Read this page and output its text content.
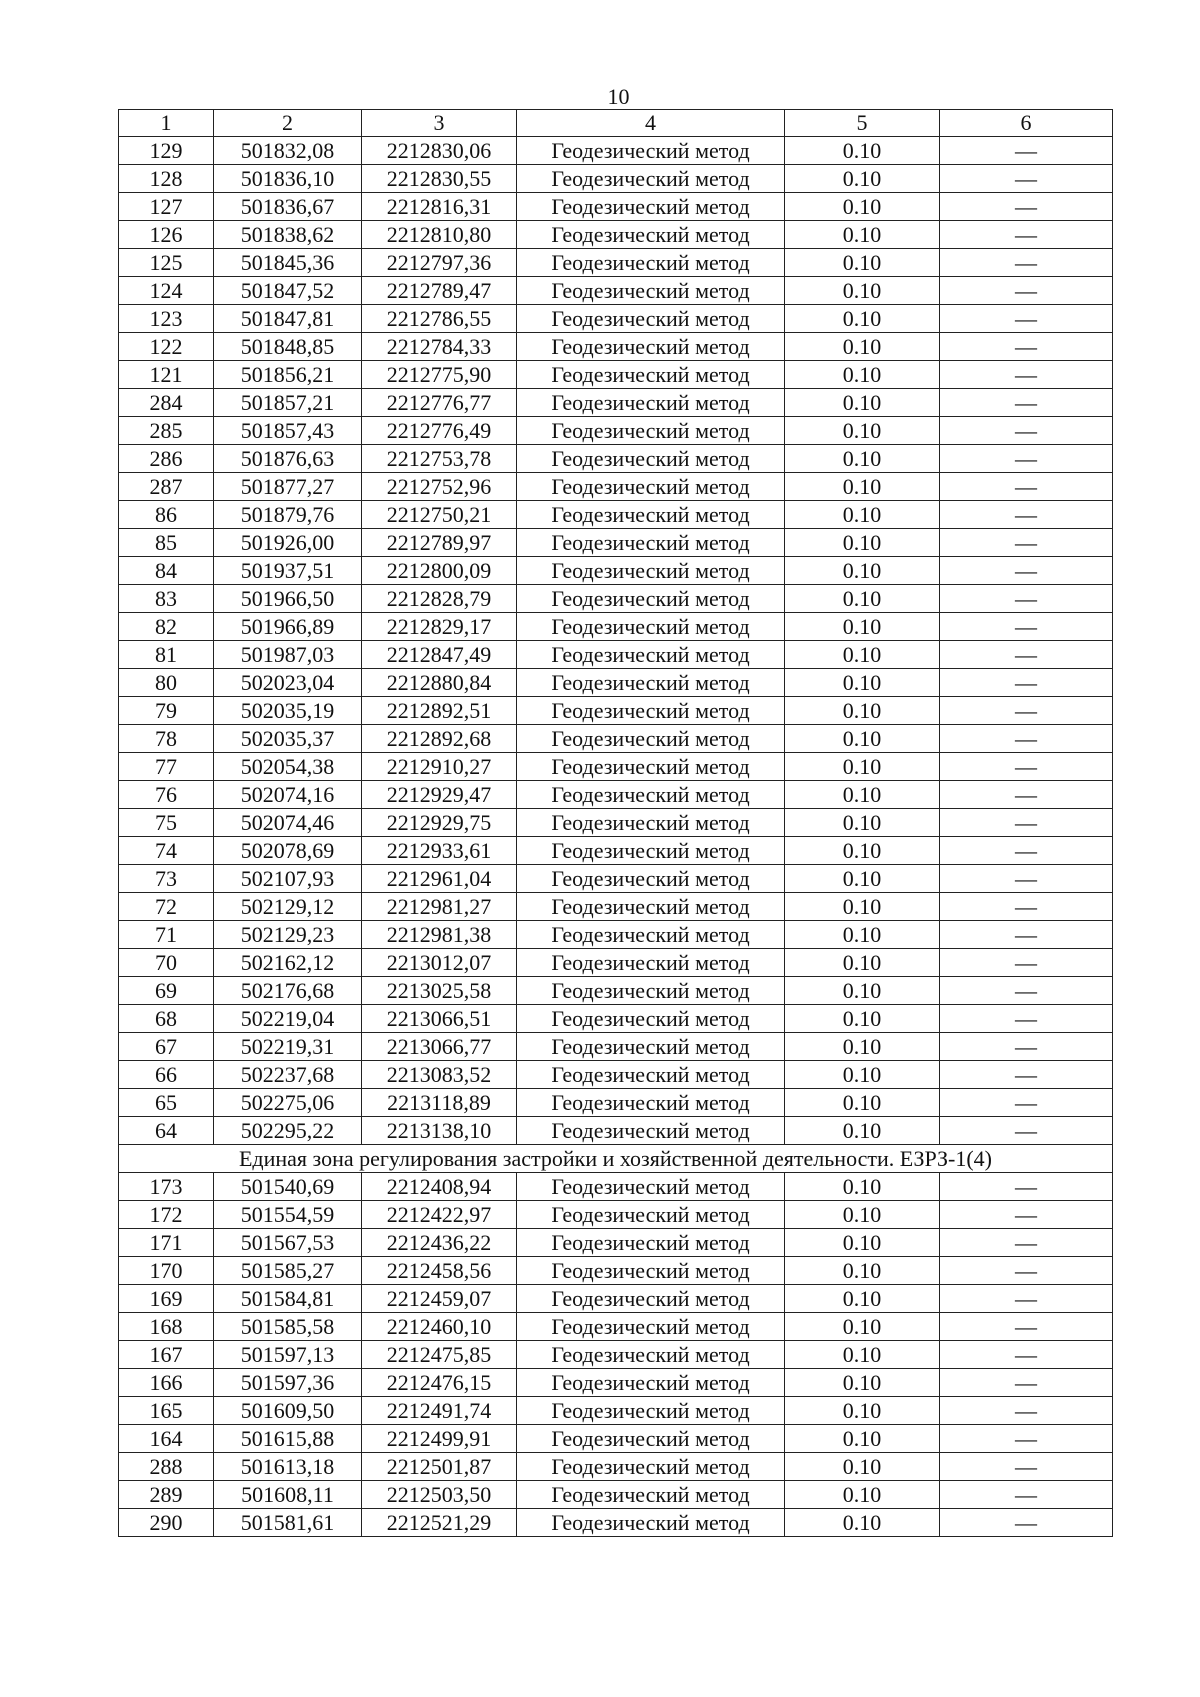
10
1	2	3	4	5	6
129	501832,08	2212830,06	Геодезический метод	0.10	—
128	501836,10	2212830,55	Геодезический метод	0.10	—
127	501836,67	2212816,31	Геодезический метод	0.10	—
126	501838,62	2212810,80	Геодезический метод	0.10	—
125	501845,36	2212797,36	Геодезический метод	0.10	—
124	501847,52	2212789,47	Геодезический метод	0.10	—
123	501847,81	2212786,55	Геодезический метод	0.10	—
122	501848,85	2212784,33	Геодезический метод	0.10	—
121	501856,21	2212775,90	Геодезический метод	0.10	—
284	501857,21	2212776,77	Геодезический метод	0.10	—
285	501857,43	2212776,49	Геодезический метод	0.10	—
286	501876,63	2212753,78	Геодезический метод	0.10	—
287	501877,27	2212752,96	Геодезический метод	0.10	—
86	501879,76	2212750,21	Геодезический метод	0.10	—
85	501926,00	2212789,97	Геодезический метод	0.10	—
84	501937,51	2212800,09	Геодезический метод	0.10	—
83	501966,50	2212828,79	Геодезический метод	0.10	—
82	501966,89	2212829,17	Геодезический метод	0.10	—
81	501987,03	2212847,49	Геодезический метод	0.10	—
80	502023,04	2212880,84	Геодезический метод	0.10	—
79	502035,19	2212892,51	Геодезический метод	0.10	—
78	502035,37	2212892,68	Геодезический метод	0.10	—
77	502054,38	2212910,27	Геодезический метод	0.10	—
76	502074,16	2212929,47	Геодезический метод	0.10	—
75	502074,46	2212929,75	Геодезический метод	0.10	—
74	502078,69	2212933,61	Геодезический метод	0.10	—
73	502107,93	2212961,04	Геодезический метод	0.10	—
72	502129,12	2212981,27	Геодезический метод	0.10	—
71	502129,23	2212981,38	Геодезический метод	0.10	—
70	502162,12	2213012,07	Геодезический метод	0.10	—
69	502176,68	2213025,58	Геодезический метод	0.10	—
68	502219,04	2213066,51	Геодезический метод	0.10	—
67	502219,31	2213066,77	Геодезический метод	0.10	—
66	502237,68	2213083,52	Геодезический метод	0.10	—
65	502275,06	2213118,89	Геодезический метод	0.10	—
64	502295,22	2213138,10	Геодезический метод	0.10	—
Единая зона регулирования застройки и хозяйственной деятельности. ЕЗРЗ-1(4)					
173	501540,69	2212408,94	Геодезический метод	0.10	—
172	501554,59	2212422,97	Геодезический метод	0.10	—
171	501567,53	2212436,22	Геодезический метод	0.10	—
170	501585,27	2212458,56	Геодезический метод	0.10	—
169	501584,81	2212459,07	Геодезический метод	0.10	—
168	501585,58	2212460,10	Геодезический метод	0.10	—
167	501597,13	2212475,85	Геодезический метод	0.10	—
166	501597,36	2212476,15	Геодезический метод	0.10	—
165	501609,50	2212491,74	Геодезический метод	0.10	—
164	501615,88	2212499,91	Геодезический метод	0.10	—
288	501613,18	2212501,87	Геодезический метод	0.10	—
289	501608,11	2212503,50	Геодезический метод	0.10	—
290	501581,61	2212521,29	Геодезический метод	0.10	—
